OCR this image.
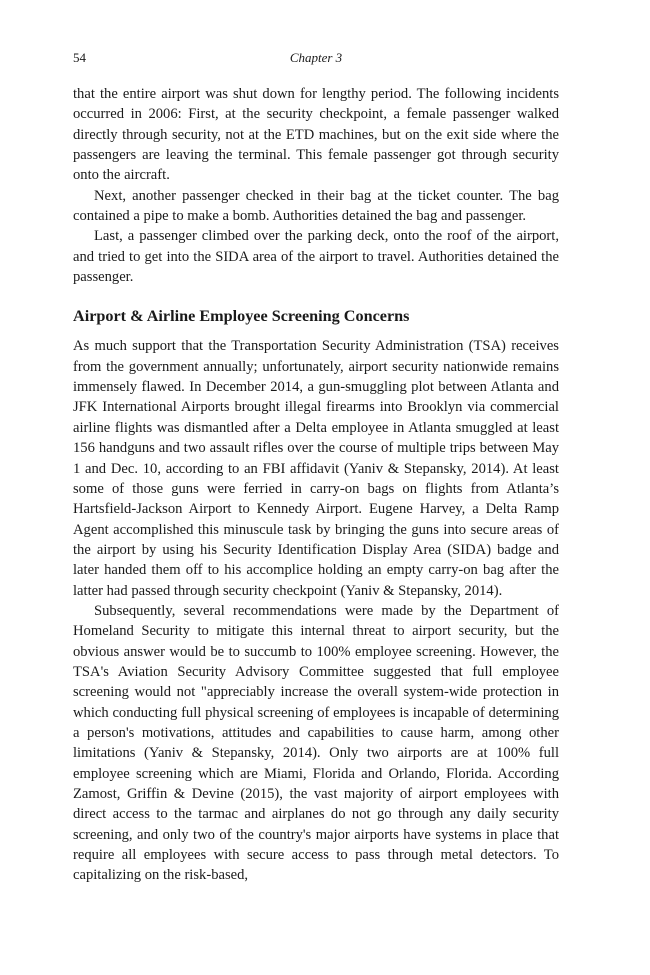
54	Chapter 3

that the entire airport was shut down for lengthy period. The following incidents occurred in 2006: First, at the security checkpoint, a female passenger walked directly through security, not at the ETD machines, but on the exit side where the passengers are leaving the terminal. This female passenger got through security onto the aircraft.

Next, another passenger checked in their bag at the ticket counter. The bag contained a pipe to make a bomb. Authorities detained the bag and passenger.

Last, a passenger climbed over the parking deck, onto the roof of the airport, and tried to get into the SIDA area of the airport to travel. Authorities detained the passenger.

Airport & Airline Employee Screening Concerns

As much support that the Transportation Security Administration (TSA) receives from the government annually; unfortunately, airport security nationwide remains immensely flawed. In December 2014, a gun-smuggling plot between Atlanta and JFK International Airports brought illegal firearms into Brooklyn via commercial airline flights was dismantled after a Delta employee in Atlanta smuggled at least 156 handguns and two assault rifles over the course of multiple trips between May 1 and Dec. 10, according to an FBI affidavit (Yaniv & Stepansky, 2014). At least some of those guns were ferried in carry-on bags on flights from Atlanta’s Hartsfield-Jackson Airport to Kennedy Airport. Eugene Harvey, a Delta Ramp Agent accomplished this minuscule task by bringing the guns into secure areas of the airport by using his Security Identification Display Area (SIDA) badge and later handed them off to his accomplice holding an empty carry-on bag after the latter had passed through security checkpoint (Yaniv & Stepansky, 2014).

Subsequently, several recommendations were made by the Department of Homeland Security to mitigate this internal threat to airport security, but the obvious answer would be to succumb to 100% employee screening. However, the TSA's Aviation Security Advisory Committee suggested that full employee screening would not "appreciably increase the overall system-wide protection in which conducting full physical screening of employees is incapable of determining a person's motivations, attitudes and capabilities to cause harm, among other limitations (Yaniv & Stepansky, 2014). Only two airports are at 100% full employee screening which are Miami, Florida and Orlando, Florida. According Zamost, Griffin & Devine (2015), the vast majority of airport employees with direct access to the tarmac and airplanes do not go through any daily security screening, and only two of the country's major airports have systems in place that require all employees with secure access to pass through metal detectors. To capitalizing on the risk-based,
